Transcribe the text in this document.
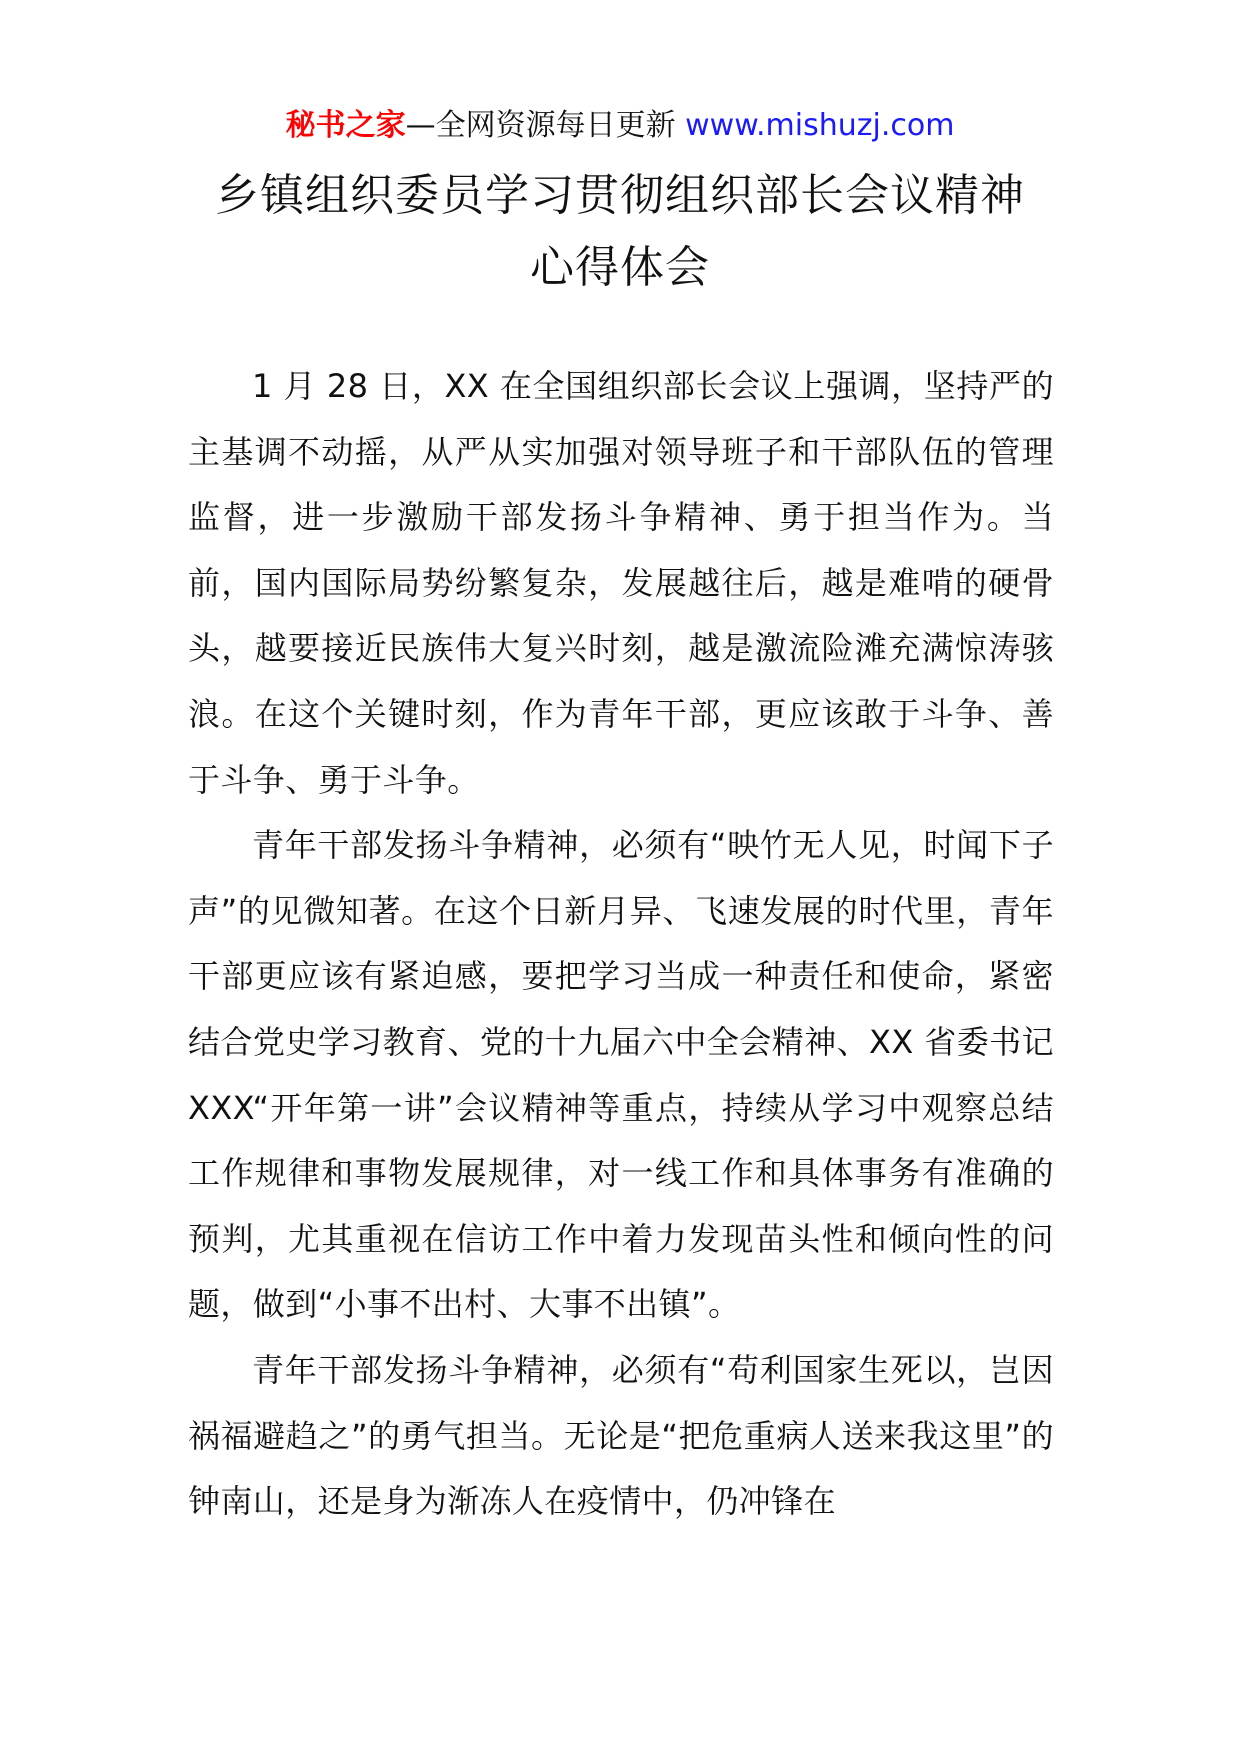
秘书之家—全网资源每日更新 www.mishuzj.com
乡镇组织委员学习贯彻组织部长会议精神
心得体会

1 月 28 日，XX 在全国组织部长会议上强调，坚持严的主基调不动摇，从严从实加强对领导班子和干部队伍的管理监督，进一步激励干部发扬斗争精神、勇于担当作为。当前，国内国际局势纷繁复杂，发展越往后，越是难啃的硬骨头，越要接近民族伟大复兴时刻，越是激流险滩充满惊涛骇浪。在这个关键时刻，作为青年干部，更应该敢于斗争、善于斗争、勇于斗争。

青年干部发扬斗争精神，必须有“映竹无人见，时闻下子声”的见微知著。在这个日新月异、飞速发展的时代里，青年干部更应该有紧迫感，要把学习当成一种责任和使命，紧密结合党史学习教育、党的十九届六中全会精神、XX 省委书记 XXX“开年第一讲”会议精神等重点，持续从学习中观察总结工作规律和事物发展规律，对一线工作和具体事务有准确的预判，尤其重视在信访工作中着力发现苗头性和倾向性的问题，做到“小事不出村、大事不出镇”。

青年干部发扬斗争精神，必须有“苟利国家生死以，岂因祸福避趋之”的勇气担当。无论是“把危重病人送来我这里”的钟南山，还是身为渐冻人在疫情中，仍冲锋在
